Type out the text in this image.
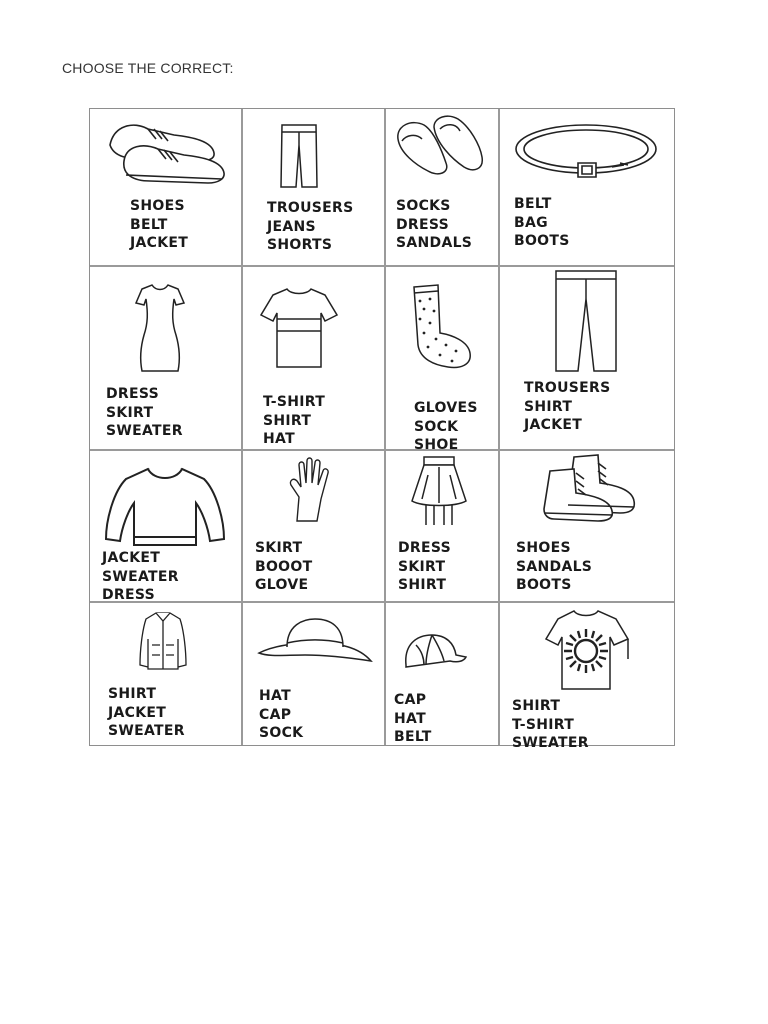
CHOOSE THE CORRECT:
SHOES
BELT
JACKET
TROUSERS
JEANS
SHORTS
SOCKS
DRESS
SANDALS
BELT
BAG
BOOTS
DRESS
SKIRT
SWEATER
T-SHIRT
SHIRT
HAT
GLOVES
SOCK
SHOE
TROUSERS
SHIRT
JACKET
JACKET
SWEATER
DRESS
SKIRT
BOOOT
GLOVE
DRESS
SKIRT
SHIRT
SHOES
SANDALS
BOOTS
SHIRT
JACKET
SWEATER
HAT
CAP
SOCK
CAP
HAT
BELT
SHIRT
T-SHIRT
SWEATER
